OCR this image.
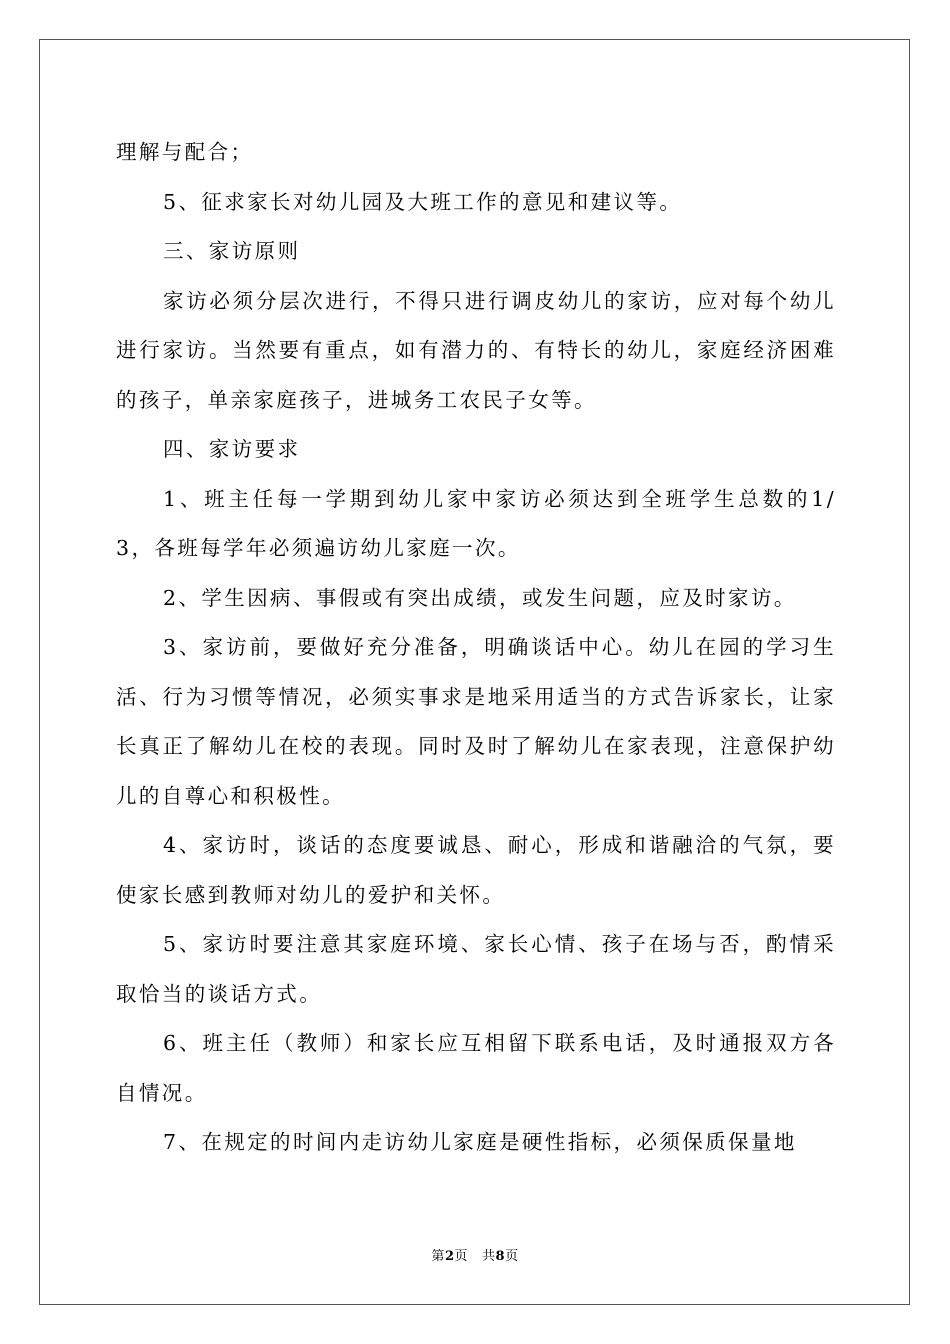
理解与配合；

5、征求家长对幼儿园及大班工作的意见和建议等。

三、家访原则

家访必须分层次进行，不得只进行调皮幼儿的家访，应对每个幼儿进行家访。当然要有重点，如有潜力的、有特长的幼儿，家庭经济困难的孩子，单亲家庭孩子，进城务工农民子女等。

四、家访要求

1、班主任每一学期到幼儿家中家访必须达到全班学生总数的1/3，各班每学年必须遍访幼儿家庭一次。

2、学生因病、事假或有突出成绩，或发生问题，应及时家访。

3、家访前，要做好充分准备，明确谈话中心。幼儿在园的学习生活、行为习惯等情况，必须实事求是地采用适当的方式告诉家长，让家长真正了解幼儿在校的表现。同时及时了解幼儿在家表现，注意保护幼儿的自尊心和积极性。

4、家访时，谈话的态度要诚恳、耐心，形成和谐融洽的气氛，要使家长感到教师对幼儿的爱护和关怀。

5、家访时要注意其家庭环境、家长心情、孩子在场与否，酌情采取恰当的谈话方式。

6、班主任（教师）和家长应互相留下联系电话，及时通报双方各自情况。

7、在规定的时间内走访幼儿家庭是硬性指标，必须保质保量地

第2页 共8页
